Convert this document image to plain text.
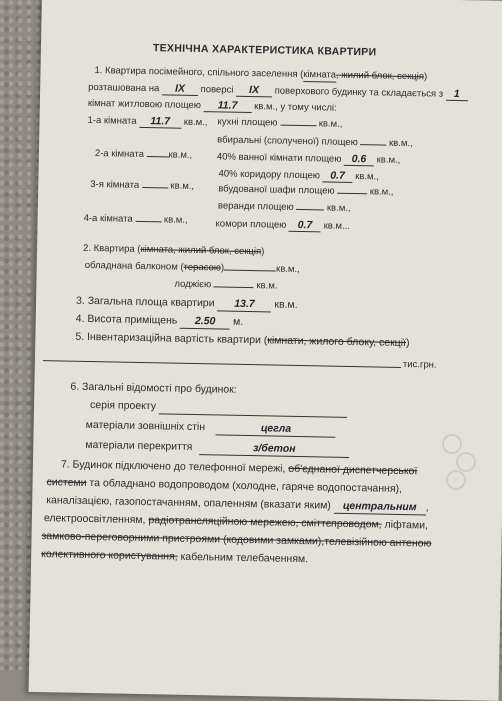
ТЕХНІЧНА ХАРАКТЕРИСТИКА КВАРТИРИ
1. Квартира посімейного, спільного заселення (кімната, жилий блок, секція)
розташована на IX поверсі IX поверхового будинку та складається з 1
кімнат житловою площею 11.7 кв.м., у тому числі:
1-а кімната 11.7 кв.м., кухні площею	кв.м.,
вбиральні (сполученої) площею	кв.м.,
2-а кімната	кв.м.,	40% ванної кімнати площею 0.6 кв.м.,
40% коридору площею 0.7 кв.м.,
3-я кімната	кв.м.,	вбудованої шафи площею	кв.м.,
веранди площею	кв.м.,
4-а кімната	кв.м.,	комори площею 0.7 кв.м...
2. Квартира (кімната, жилий блок, секція)
обладнана балконом (терасою)	кв.м.,
лоджією	кв.м.
3. Загальна площа квартири 13.7 кв.м.
4. Висота приміщень 2.50 м.
5. Інвентаризаційна вартість квартири (кімнати, жилого блоку, секції)
тис.грн.
6. Загальні відомості про будинок:
серія проекту
матеріали зовнішніх стін	цегла
матеріали перекриття	з/бетон
7. Будинок підключено до телефонної мережі, об'єднаної диспетчерської
системи та обладнано водопроводом (холодне, гаряче водопостачання),
каналізацією, газопостачанням, опаленням (вказати яким) центральним ,
електроосвітленням, радіотрансляційною мережею, сміттєпроводом, ліфтами,
замково-переговорними пристроями (кодовими замками),телевізійною антеною
колективного користування, кабельним телебаченням.
